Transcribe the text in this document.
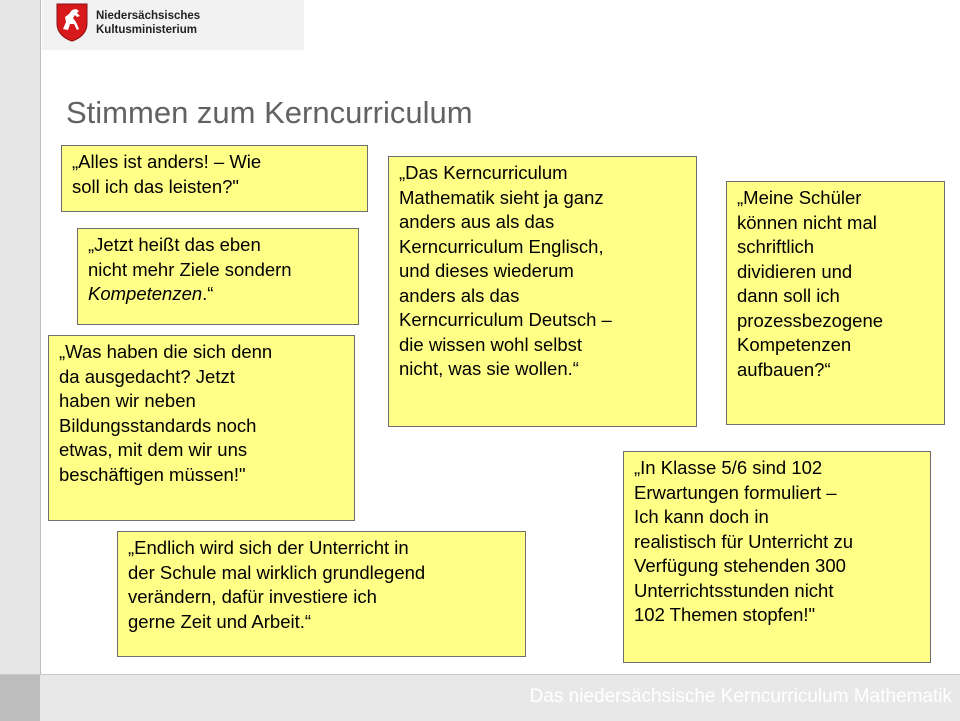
Niedersächsisches
Kultusministerium
Stimmen zum Kerncurriculum
„Alles ist anders! – Wie
soll ich das leisten?"
„Jetzt heißt das eben
nicht mehr Ziele sondern
Kompetenzen.“
„Was haben die sich denn
da ausgedacht? Jetzt
haben wir neben
Bildungsstandards noch
etwas, mit dem wir uns
beschäftigen müssen!"
„Das Kerncurriculum
Mathematik sieht ja ganz
anders aus als das
Kerncurriculum Englisch,
und dieses wiederum
anders als das
Kerncurriculum Deutsch –
die wissen wohl selbst
nicht, was sie wollen.“
„Meine Schüler
können nicht mal
schriftlich
dividieren und
dann soll ich
prozessbezogene
Kompetenzen
aufbauen?“
„In Klasse 5/6 sind 102
Erwartungen formuliert –
Ich kann doch in
realistisch für Unterricht zu
Verfügung stehenden 300
Unterrichtsstunden nicht
102 Themen stopfen!"
„Endlich wird sich der Unterricht in
der Schule mal wirklich grundlegend
verändern, dafür investiere ich
gerne Zeit und Arbeit.“
Das niedersächsische Kerncurriculum Mathematik
